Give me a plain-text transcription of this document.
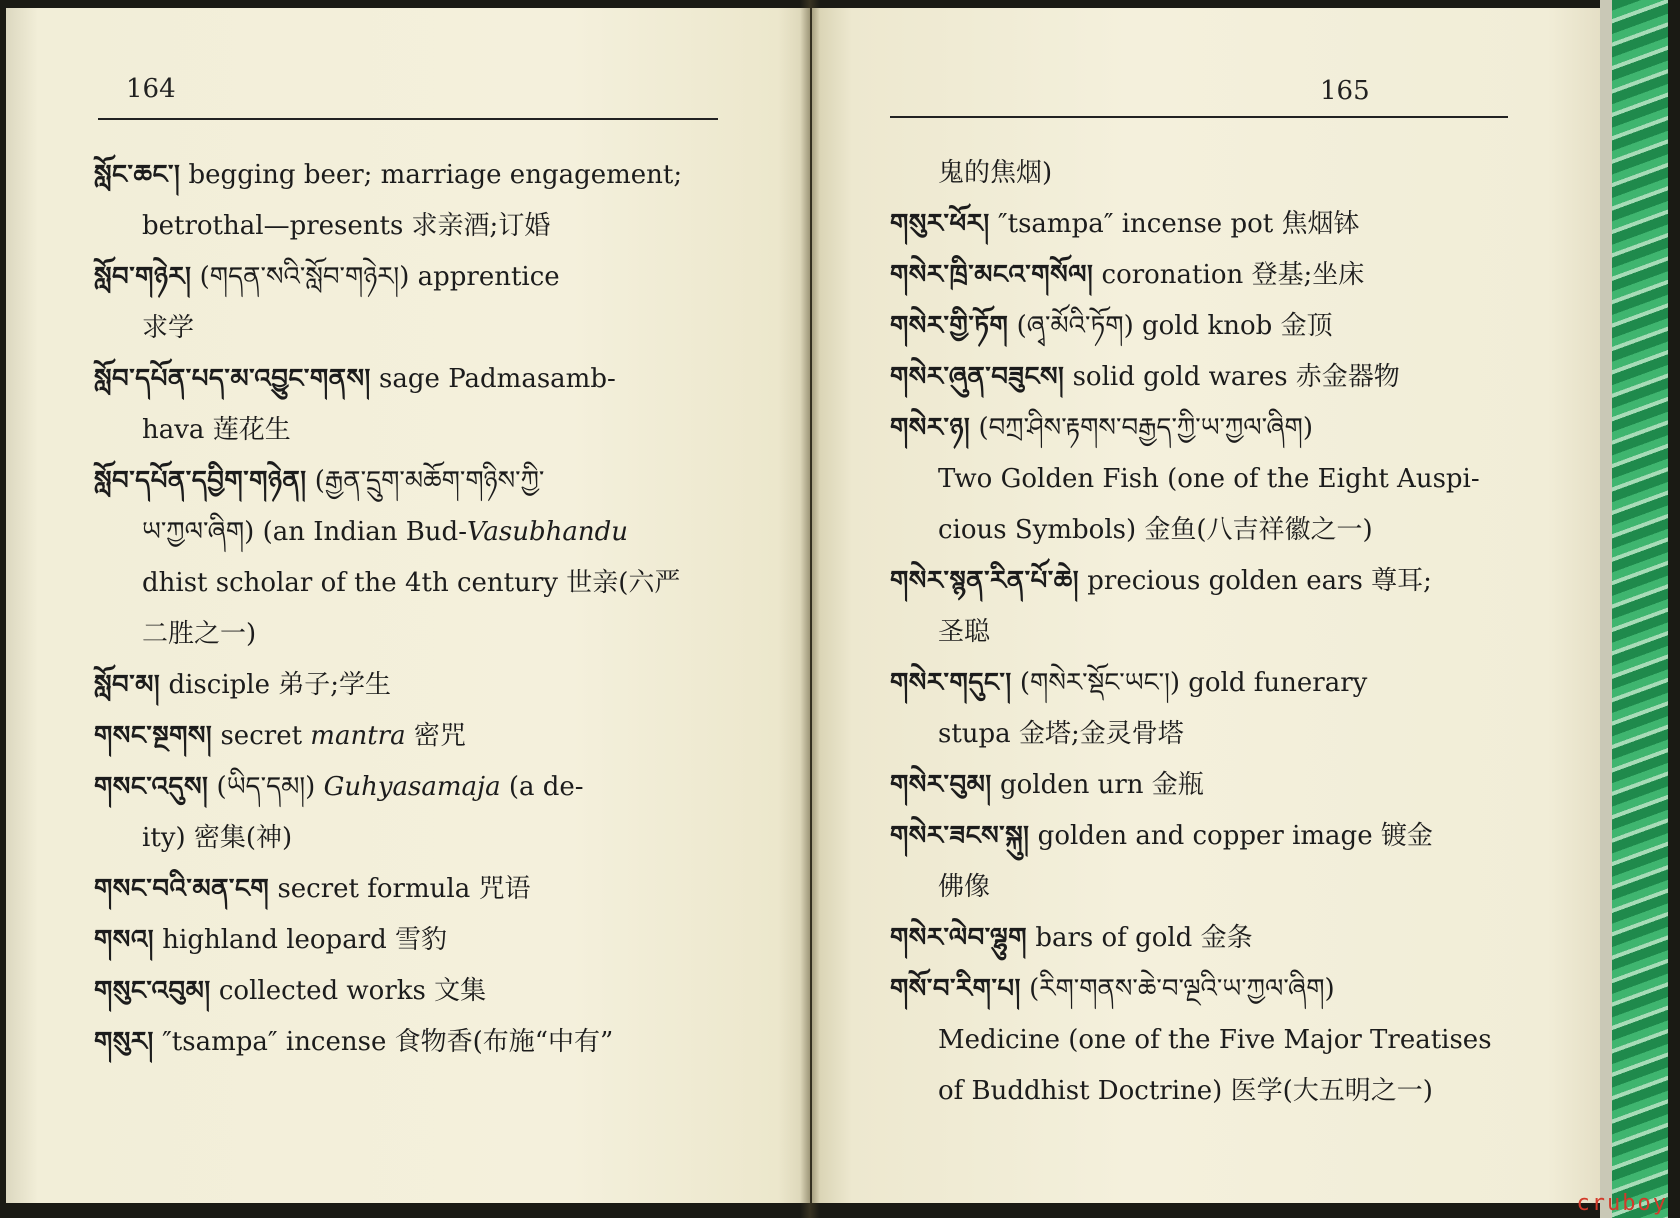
164

སློང་ཆང་། begging beer; marriage engagement;

betrothal—presents 求亲酒;订婚

སློབ་གཉེར། (གདན་སའི་སློབ་གཉེར།) apprentice

求学

སློབ་དཔོན་པད་མ་འབྱུང་གནས། sage Padmasamb-

hava 莲花生

སློབ་དཔོན་དབྱིག་གཉེན། (རྒྱན་དྲུག་མཆོག་གཉིས་ཀྱི་

ཡ་ཀྱལ་ཞིག) (an Indian Bud-Vasubhandu

dhist scholar of the 4th century 世亲(六严

二胜之一)

སློབ་མ། disciple 弟子;学生

གསང་སྔགས། secret mantra 密咒

གསང་འདུས། (ཡིད་དམ།) Guhyasamaja (a de-

ity) 密集(神)

གསང་བའི་མན་ངག secret formula 咒语

གསའ། highland leopard 雪豹

གསུང་འབུམ། collected works 文集

གསུར། ″tsampa″ incense 食物香(布施“中有”

165

鬼的焦烟)

གསུར་ཕོར། ″tsampa″ incense pot 焦烟钵

གསེར་ཁྲི་མངའ་གསོལ། coronation 登基;坐床

གསེར་གྱི་ཏོག (ཞྭ་མོའི་ཏོག) gold knob 金顶

གསེར་ཞུན་བཟུངས། solid gold wares 赤金器物

གསེར་ཉ། (བཀྲ་ཤིས་རྟགས་བརྒྱད་ཀྱི་ཡ་ཀྱལ་ཞིག)

Two Golden Fish (one of the Eight Auspi-

cious Symbols) 金鱼(八吉祥徽之一)

གསེར་སྙན་རིན་པོ་ཆེ། precious golden ears 尊耳;

圣聪

གསེར་གདུང་། (གསེར་སྡོང་ཡང་།) gold funerary

stupa 金塔;金灵骨塔

གསེར་བུམ། golden urn 金瓶

གསེར་ཟངས་སྐུ། golden and copper image 镀金

佛像

གསེར་ལེབ་ལྷུག bars of gold 金条

གསོ་བ་རིག་པ། (རིག་གནས་ཆེ་བ་ལྔའི་ཡ་ཀྱལ་ཞིག)

Medicine (one of the Five Major Treatises

of Buddhist Doctrine) 医学(大五明之一)

cruboy
